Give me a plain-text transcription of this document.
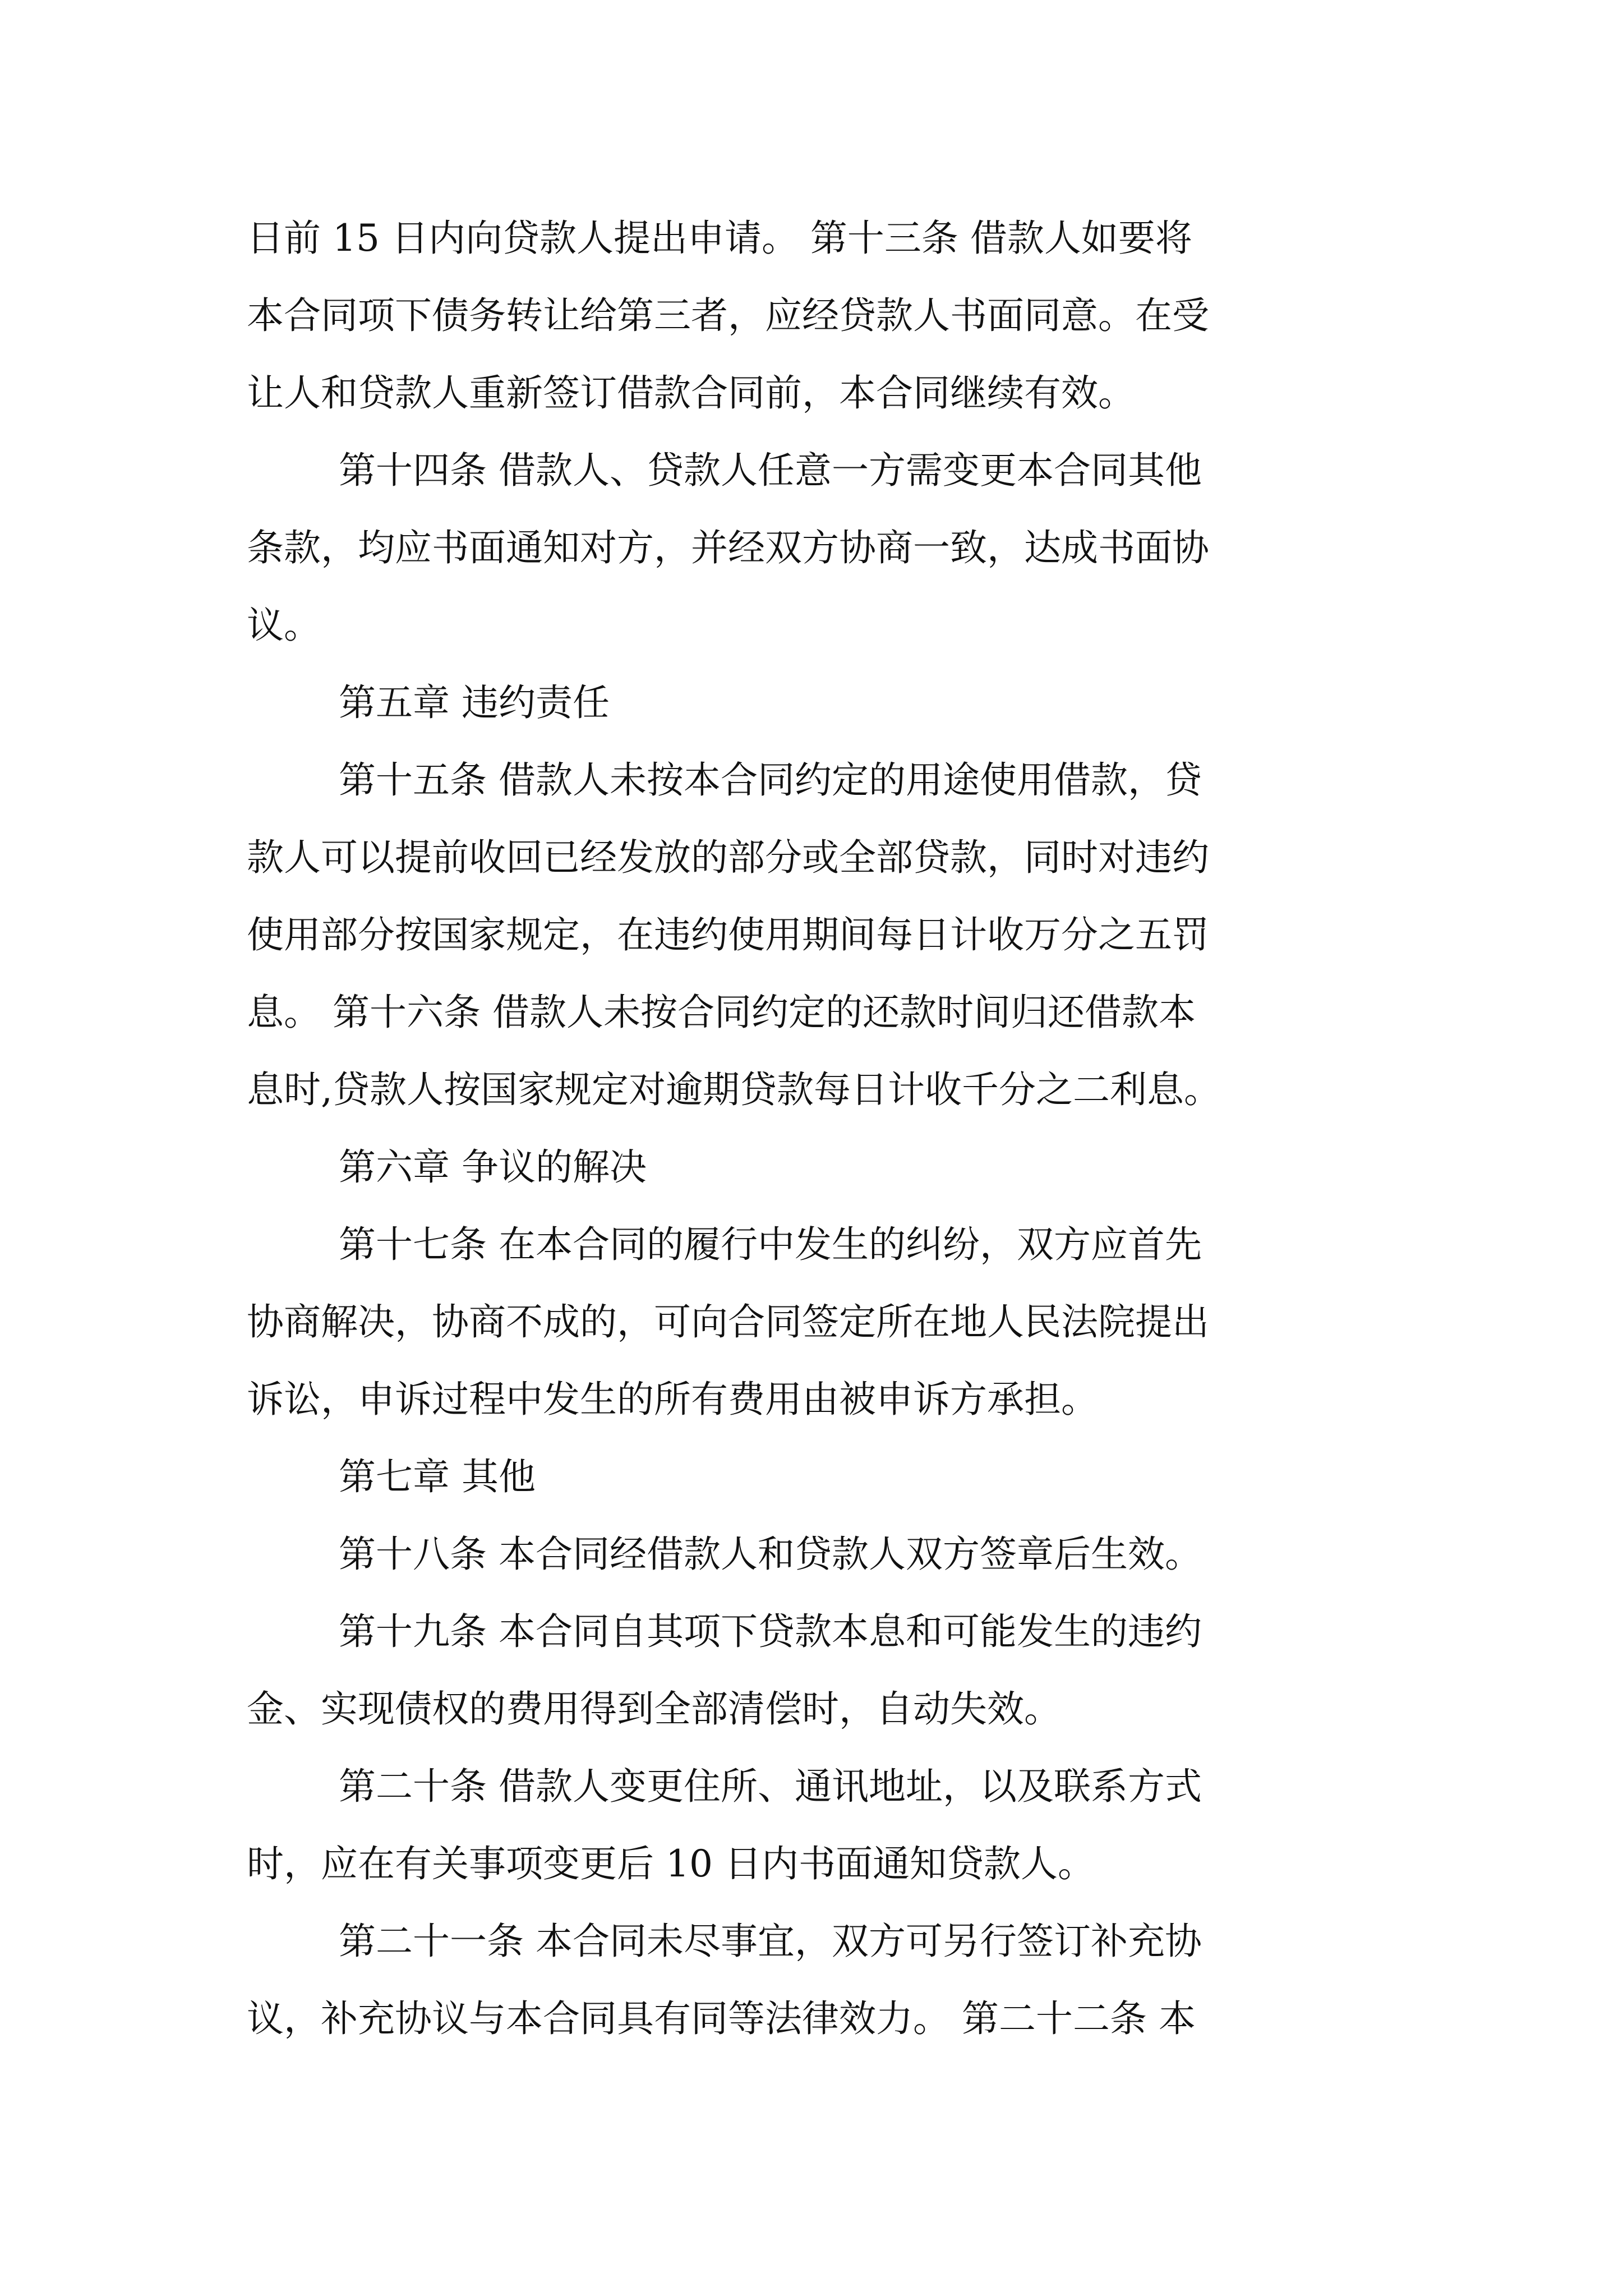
日前 15 日内向贷款人提出申请。 第十三条 借款人如要将
本合同项下债务转让给第三者，应经贷款人书面同意。在受
让人和贷款人重新签订借款合同前，本合同继续有效。
第十四条 借款人、贷款人任意一方需变更本合同其他
条款，均应书面通知对方，并经双方协商一致，达成书面协
议。
第五章 违约责任
第十五条 借款人未按本合同约定的用途使用借款，贷
款人可以提前收回已经发放的部分或全部贷款，同时对违约
使用部分按国家规定，在违约使用期间每日计收万分之五罚
息。 第十六条 借款人未按合同约定的还款时间归还借款本
息时,贷款人按国家规定对逾期贷款每日计收千分之二利息。
第六章 争议的解决
第十七条 在本合同的履行中发生的纠纷，双方应首先
协商解决，协商不成的，可向合同签定所在地人民法院提出
诉讼，申诉过程中发生的所有费用由被申诉方承担。
第七章 其他
第十八条 本合同经借款人和贷款人双方签章后生效。
第十九条 本合同自其项下贷款本息和可能发生的违约
金、实现债权的费用得到全部清偿时，自动失效。
第二十条 借款人变更住所、通讯地址，以及联系方式
时，应在有关事项变更后 10 日内书面通知贷款人。
第二十一条 本合同未尽事宜，双方可另行签订补充协
议，补充协议与本合同具有同等法律效力。 第二十二条 本
